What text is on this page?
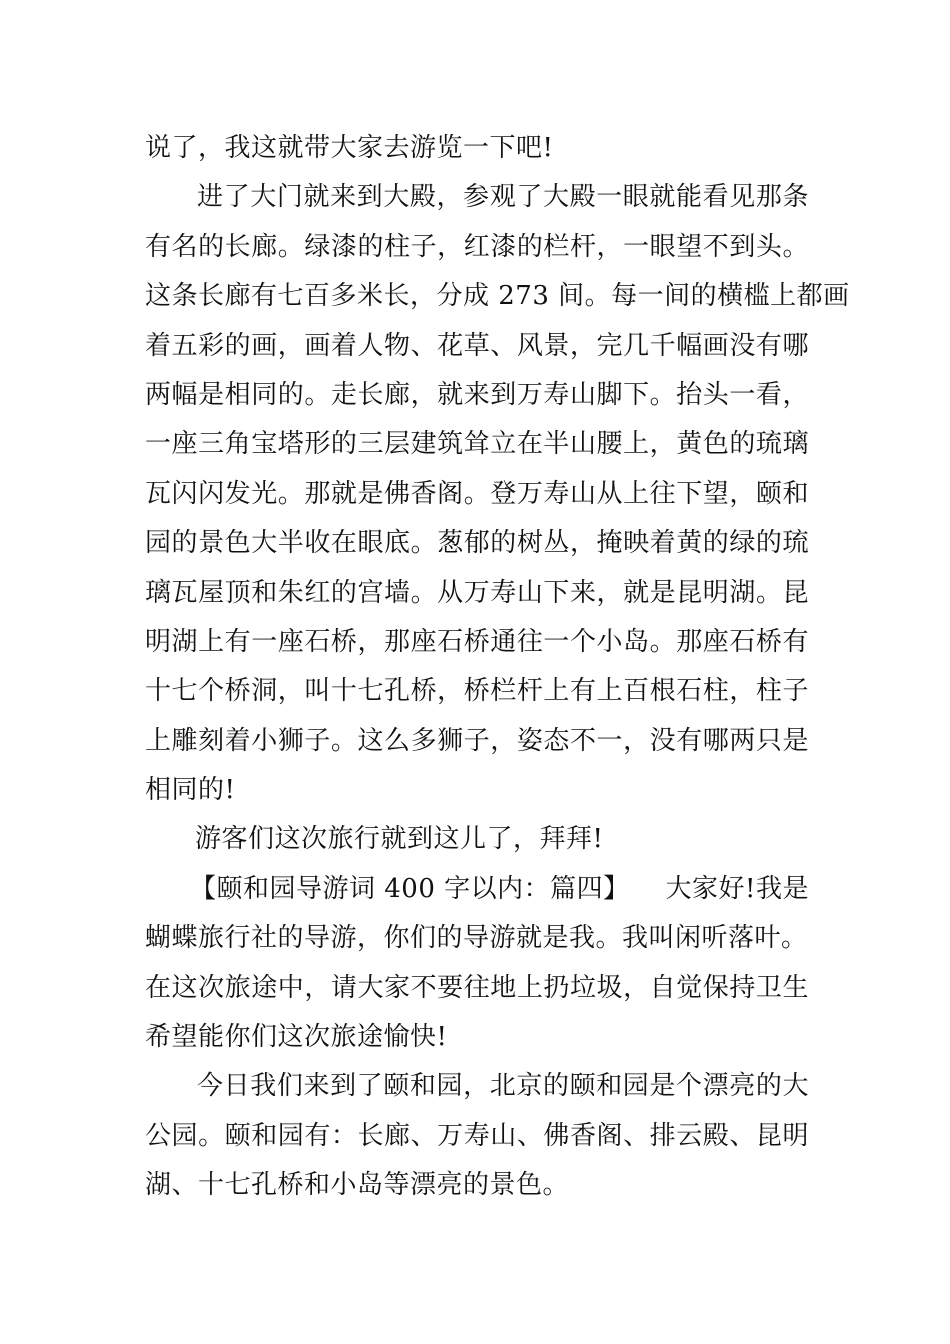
说了，我这就带大家去游览一下吧!
进了大门就来到大殿，参观了大殿一眼就能看见那条
有名的长廊。绿漆的柱子，红漆的栏杆，一眼望不到头。
这条长廊有七百多米长，分成 273 间。每一间的横槛上都画
着五彩的画，画着人物、花草、风景，完几千幅画没有哪
两幅是相同的。走长廊，就来到万寿山脚下。抬头一看，
一座三角宝塔形的三层建筑耸立在半山腰上，黄色的琉璃
瓦闪闪发光。那就是佛香阁。登万寿山从上往下望，颐和
园的景色大半收在眼底。葱郁的树丛，掩映着黄的绿的琉
璃瓦屋顶和朱红的宫墙。从万寿山下来，就是昆明湖。昆
明湖上有一座石桥，那座石桥通往一个小岛。那座石桥有
十七个桥洞，叫十七孔桥，桥栏杆上有上百根石柱，柱子
上雕刻着小狮子。这么多狮子，姿态不一，没有哪两只是
相同的!
游客们这次旅行就到这儿了，拜拜!
【颐和园导游词 400 字以内：篇四】 大家好!我是
蝴蝶旅行社的导游，你们的导游就是我。我叫闲听落叶。
在这次旅途中，请大家不要往地上扔垃圾，自觉保持卫生
希望能你们这次旅途愉快!
今日我们来到了颐和园，北京的颐和园是个漂亮的大
公园。颐和园有：长廊、万寿山、佛香阁、排云殿、昆明
湖、十七孔桥和小岛等漂亮的景色。
